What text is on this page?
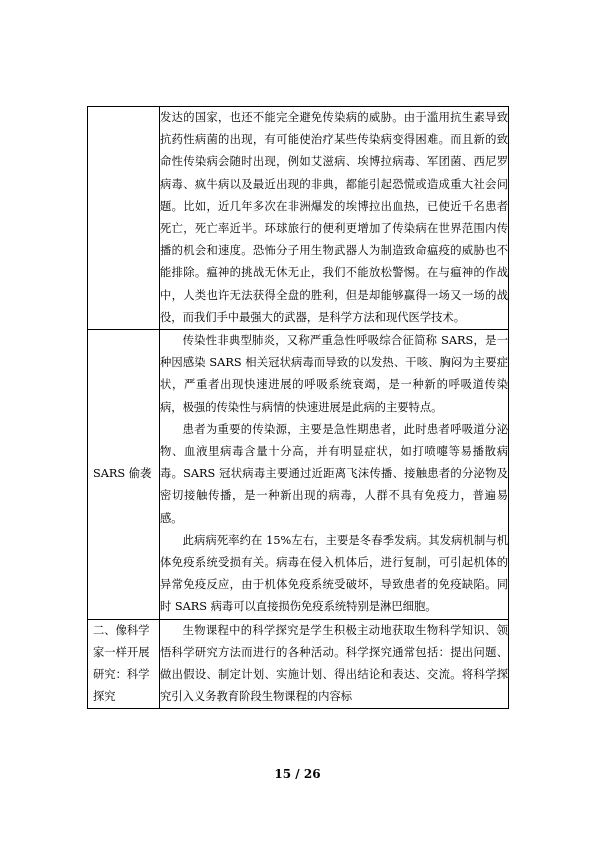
	发达的国家，也还不能完全避免传染病的威胁。由于滥用抗生素导致抗药性病菌的出现，有可能使治疗某些传染病变得困难。而且新的致命性传染病会随时出现，例如艾滋病、埃博拉病毒、军团菌、西尼罗病毒、疯牛病以及最近出现的非典，都能引起恐慌或造成重大社会问题。比如，近几年多次在非洲爆发的埃博拉出血热，已使近千名患者死亡，死亡率近半。环球旅行的便利更增加了传染病在世界范围内传播的机会和速度。恐怖分子用生物武器人为制造致命瘟疫的威胁也不能排除。瘟神的挑战无休无止，我们不能放松警惕。在与瘟神的作战中，人类也许无法获得全盘的胜利，但是却能够赢得一场又一场的战役，而我们手中最强大的武器，是科学方法和现代医学技术。

SARS 偷袭	传染性非典型肺炎，又称严重急性呼吸综合征简称 SARS，是一种因感染 SARS 相关冠状病毒而导致的以发热、干咳、胸闷为主要症状，严重者出现快速进展的呼吸系统衰竭，是一种新的呼吸道传染病，极强的传染性与病情的快速进展是此病的主要特点。

患者为重要的传染源，主要是急性期患者，此时患者呼吸道分泌物、血液里病毒含量十分高，并有明显症状，如打喷嚏等易播散病毒。SARS 冠状病毒主要通过近距离飞沫传播、接触患者的分泌物及密切接触传播，是一种新出现的病毒，人群不具有免疫力，普遍易感。

此病病死率约在 15%左右，主要是冬春季发病。其发病机制与机体免疫系统受损有关。病毒在侵入机体后，进行复制，可引起机体的异常免疫反应，由于机体免疫系统受破坏，导致患者的免疫缺陷。同时 SARS 病毒可以直接损伤免疫系统特别是淋巴细胞。

二、像科学家一样开展研究：科学探究	生物课程中的科学探究是学生积极主动地获取生物科学知识、领悟科学研究方法而进行的各种活动。科学探究通常包括：提出问题、做出假设、制定计划、实施计划、得出结论和表达、交流。将科学探究引入义务教育阶段生物课程的内容标

15 / 26
